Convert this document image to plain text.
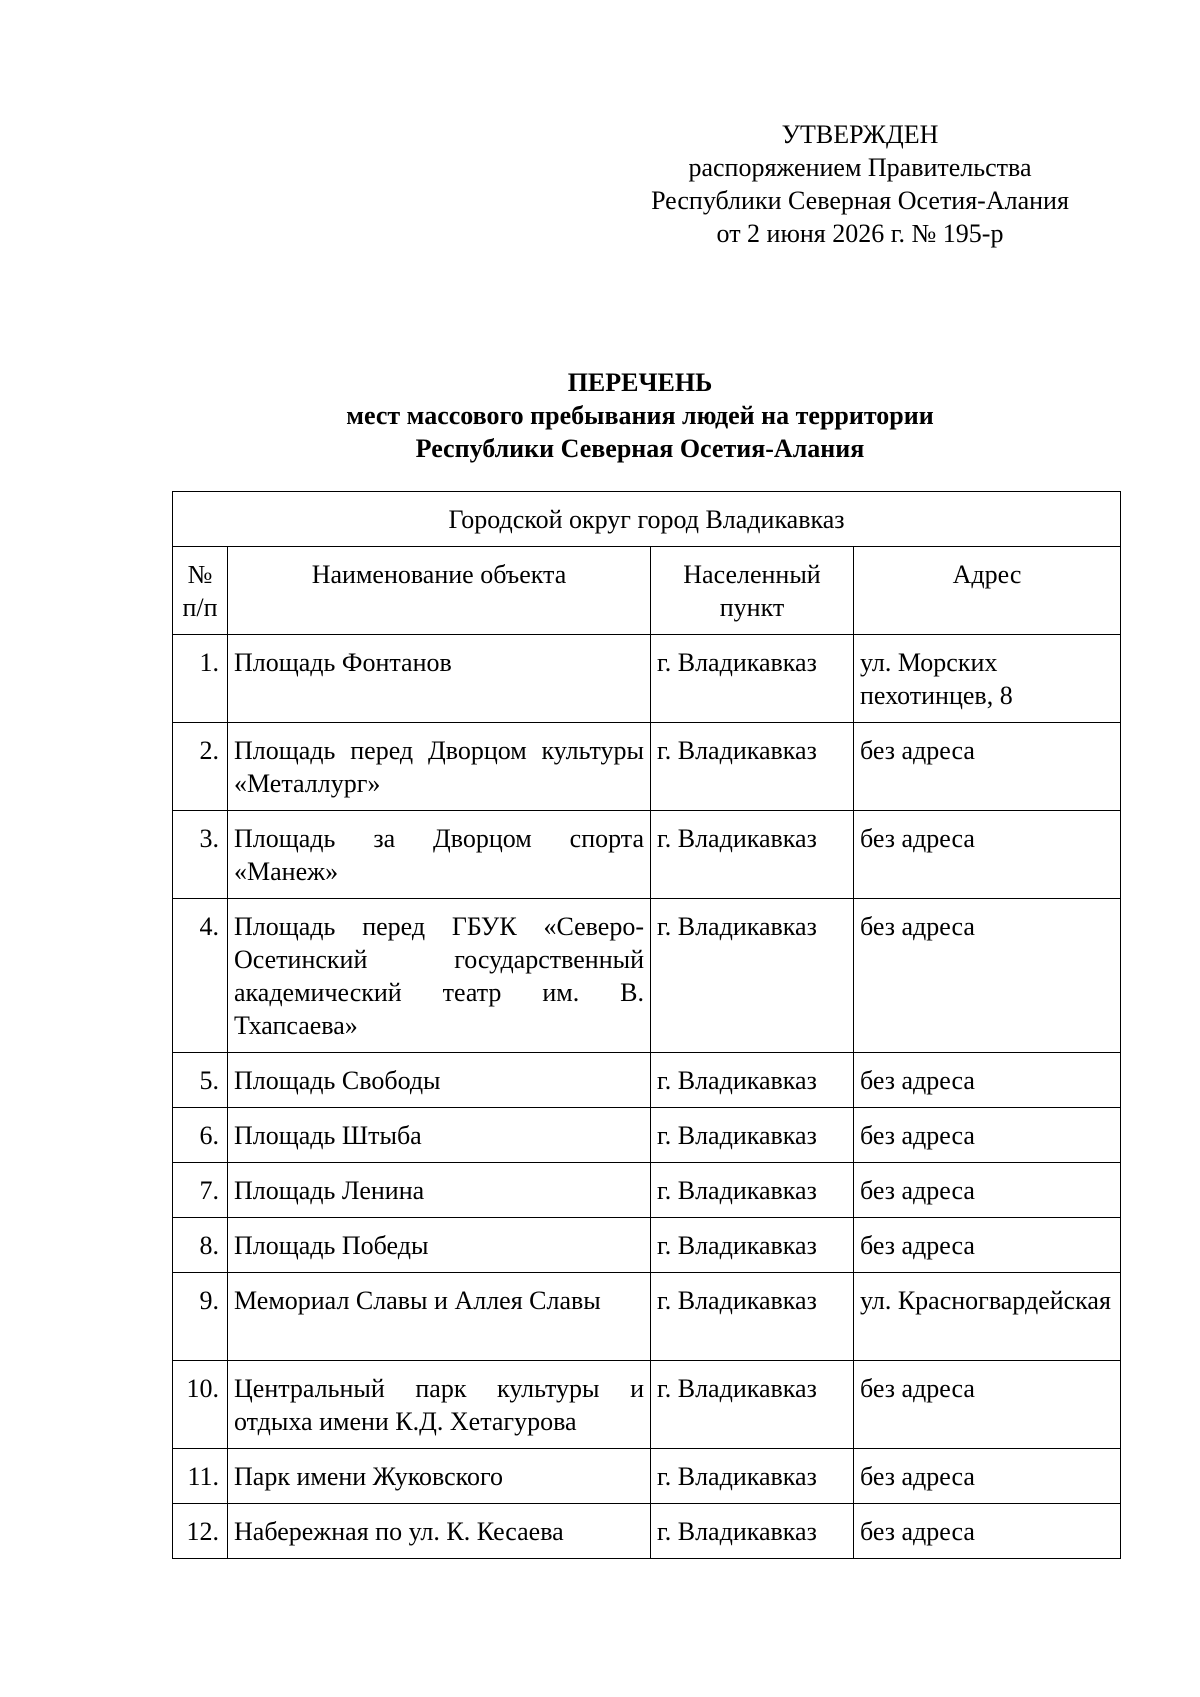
УТВЕРЖДЕН
распоряжением Правительства
Республики Северная Осетия-Алания
от 2 июня 2026 г. № 195-р
ПЕРЕЧЕНЬ
мест массового пребывания людей на территории
Республики Северная Осетия-Алания
Городской округ город Владикавказ			
№ п/п	Наименование объекта	Населенный пункт	Адрес
1.	Площадь Фонтанов	г. Владикавказ	ул. Морских пехотинцев, 8
2.	Площадь перед Дворцом культуры «Металлург»	г. Владикавказ	без адреса
3.	Площадь за Дворцом спорта «Манеж»	г. Владикавказ	без адреса
4.	Площадь перед ГБУК «Северо-Осетинский государственный академический театр им. В. Тхапсаева»	г. Владикавказ	без адреса
5.	Площадь Свободы	г. Владикавказ	без адреса
6.	Площадь Штыба	г. Владикавказ	без адреса
7.	Площадь Ленина	г. Владикавказ	без адреса
8.	Площадь Победы	г. Владикавказ	без адреса
9.	Мемориал Славы и Аллея Славы	г. Владикавказ	ул. Красногвардейская
10.	Центральный парк культуры и отдыха имени К.Д. Хетагурова	г. Владикавказ	без адреса
11.	Парк имени Жуковского	г. Владикавказ	без адреса
12.	Набережная по ул. К. Кесаева	г. Владикавказ	без адреса
